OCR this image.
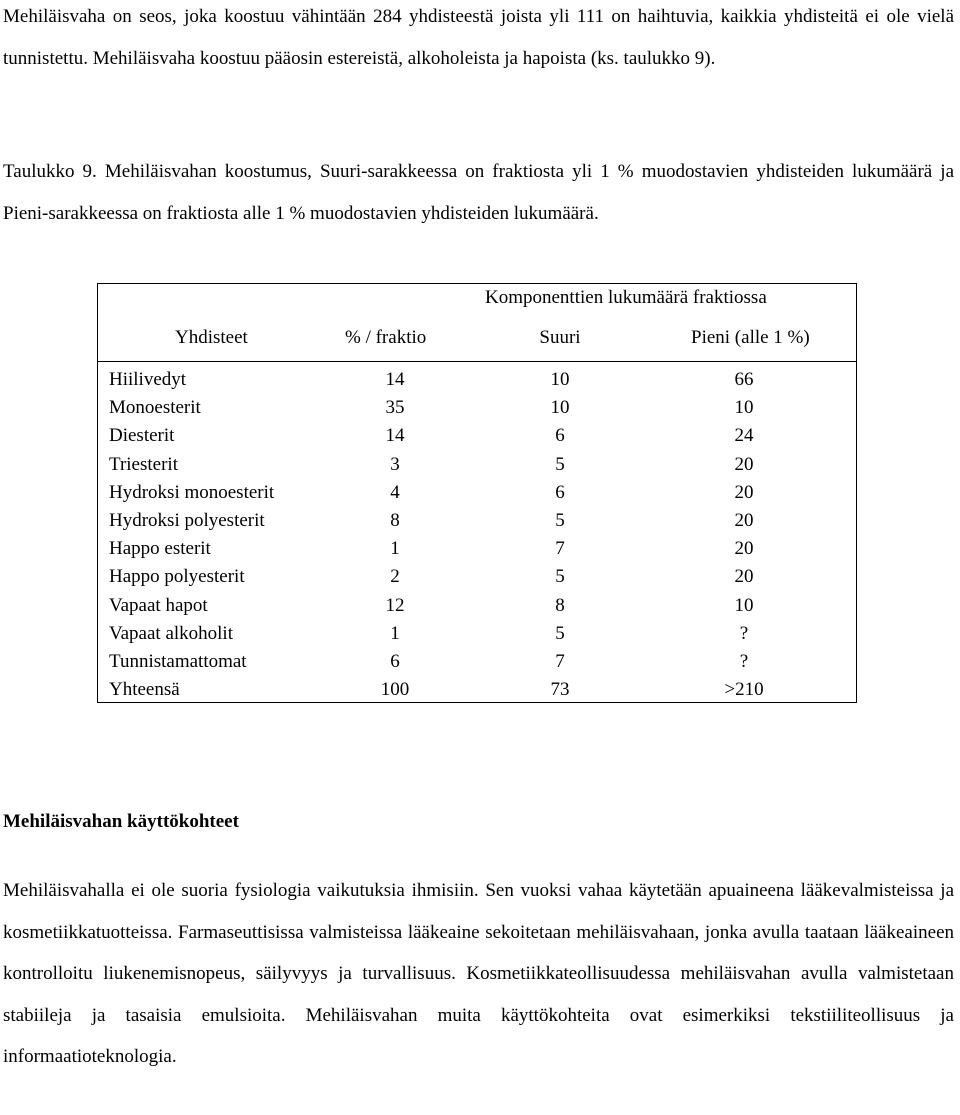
Mehiläisvaha on seos, joka koostuu vähintään 284 yhdisteestä joista yli 111 on haihtuvia, kaikkia yhdisteitä ei ole vielä tunnistettu. Mehiläisvaha koostuu pääosin estereistä, alkoholeista ja hapoista (ks. taulukko 9).
Taulukko 9. Mehiläisvahan koostumus, Suuri-sarakkeessa on fraktiosta yli 1 % muodostavien yhdisteiden lukumäärä ja Pieni-sarakkeessa on fraktiosta alle 1 % muodostavien yhdisteiden lukumäärä.
Komponenttien lukumäärä fraktiossa
Yhdisteet	% / fraktio	Suuri	Pieni (alle 1 %)
Hiilivedyt	14	10	66
Monoesterit	35	10	10
Diesterit	14	6	24
Triesterit	3	5	20
Hydroksi monoesterit	4	6	20
Hydroksi polyesterit	8	5	20
Happo esterit	1	7	20
Happo polyesterit	2	5	20
Vapaat hapot	12	8	10
Vapaat alkoholit	1	5	?
Tunnistamattomat	6	7	?
Yhteensä	100	73	>210
Mehiläisvahan käyttökohteet
Mehiläisvahalla ei ole suoria fysiologia vaikutuksia ihmisiin. Sen vuoksi vahaa käytetään apuaineena lääkevalmisteissa ja kosmetiikkatuotteissa. Farmaseuttisissa valmisteissa lääkeaine sekoitetaan mehiläisvahaan, jonka avulla taataan lääkeaineen kontrolloitu liukenemisnopeus, säilyvyys ja turvallisuus. Kosmetiikkateollisuudessa mehiläisvahan avulla valmistetaan stabiileja ja tasaisia emulsioita. Mehiläisvahan muita käyttökohteita ovat esimerkiksi tekstiiliteollisuus ja informaatioteknologia.
